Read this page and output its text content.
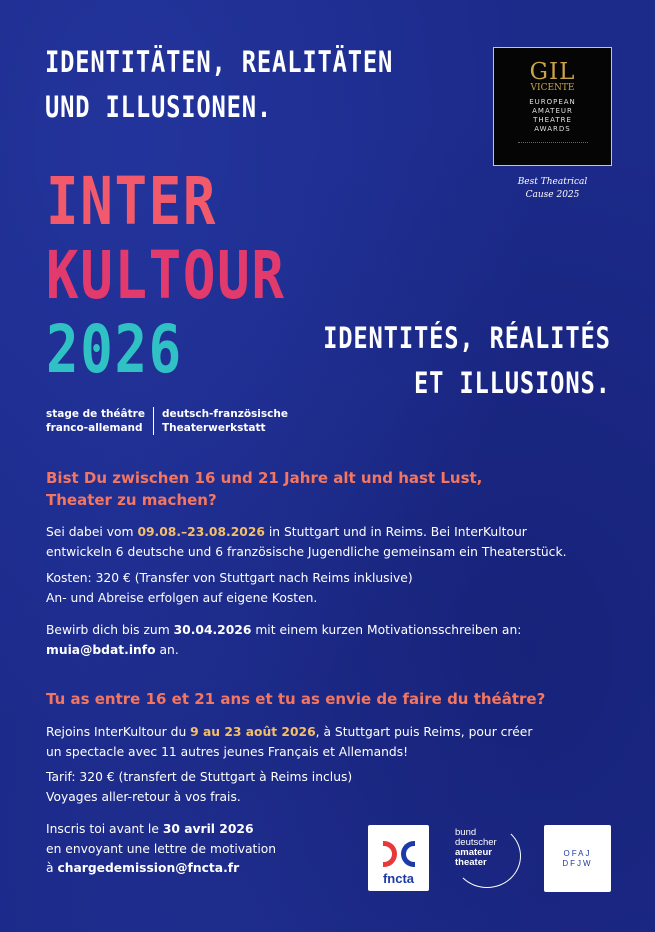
IDENTITÄTEN, REALITÄTEN
UND ILLUSIONEN.
GIL
VICENTE
EUROPEAN
AMATEUR
THEATRE
AWARDS
Best Theatrical
Cause 2025
INTER
KULTOUR
2026	IDENTITÉS, RÉALITÉS
ET ILLUSIONS.
stage de théâtre
franco-allemand
deutsch-französische
Theaterwerkstatt
Bist Du zwischen 16 und 21 Jahre alt und hast Lust,
Theater zu machen?
Sei dabei vom 09.08.–23.08.2026 in Stuttgart und in Reims. Bei InterKultour
entwickeln 6 deutsche und 6 französische Jugendliche gemeinsam ein Theaterstück.
Kosten: 320 € (Transfer von Stuttgart nach Reims inklusive)
An- und Abreise erfolgen auf eigene Kosten.
Bewirb dich bis zum 30.04.2026 mit einem kurzen Motivationsschreiben an:
muia@bdat.info an.
Tu as entre 16 et 21 ans et tu as envie de faire du théâtre?
Rejoins InterKultour du 9 au 23 août 2026, à Stuttgart puis Reims, pour créer
un spectacle avec 11 autres jeunes Français et Allemands!
Tarif: 320 € (transfert de Stuttgart à Reims inclus)
Voyages aller-retour à vos frais.
Inscris toi avant le 30 avril 2026
en envoyant une lettre de motivation
à chargedemission@fncta.fr
fncta
bund
deutscher
amateur
theater
OFAJ
DFJW
